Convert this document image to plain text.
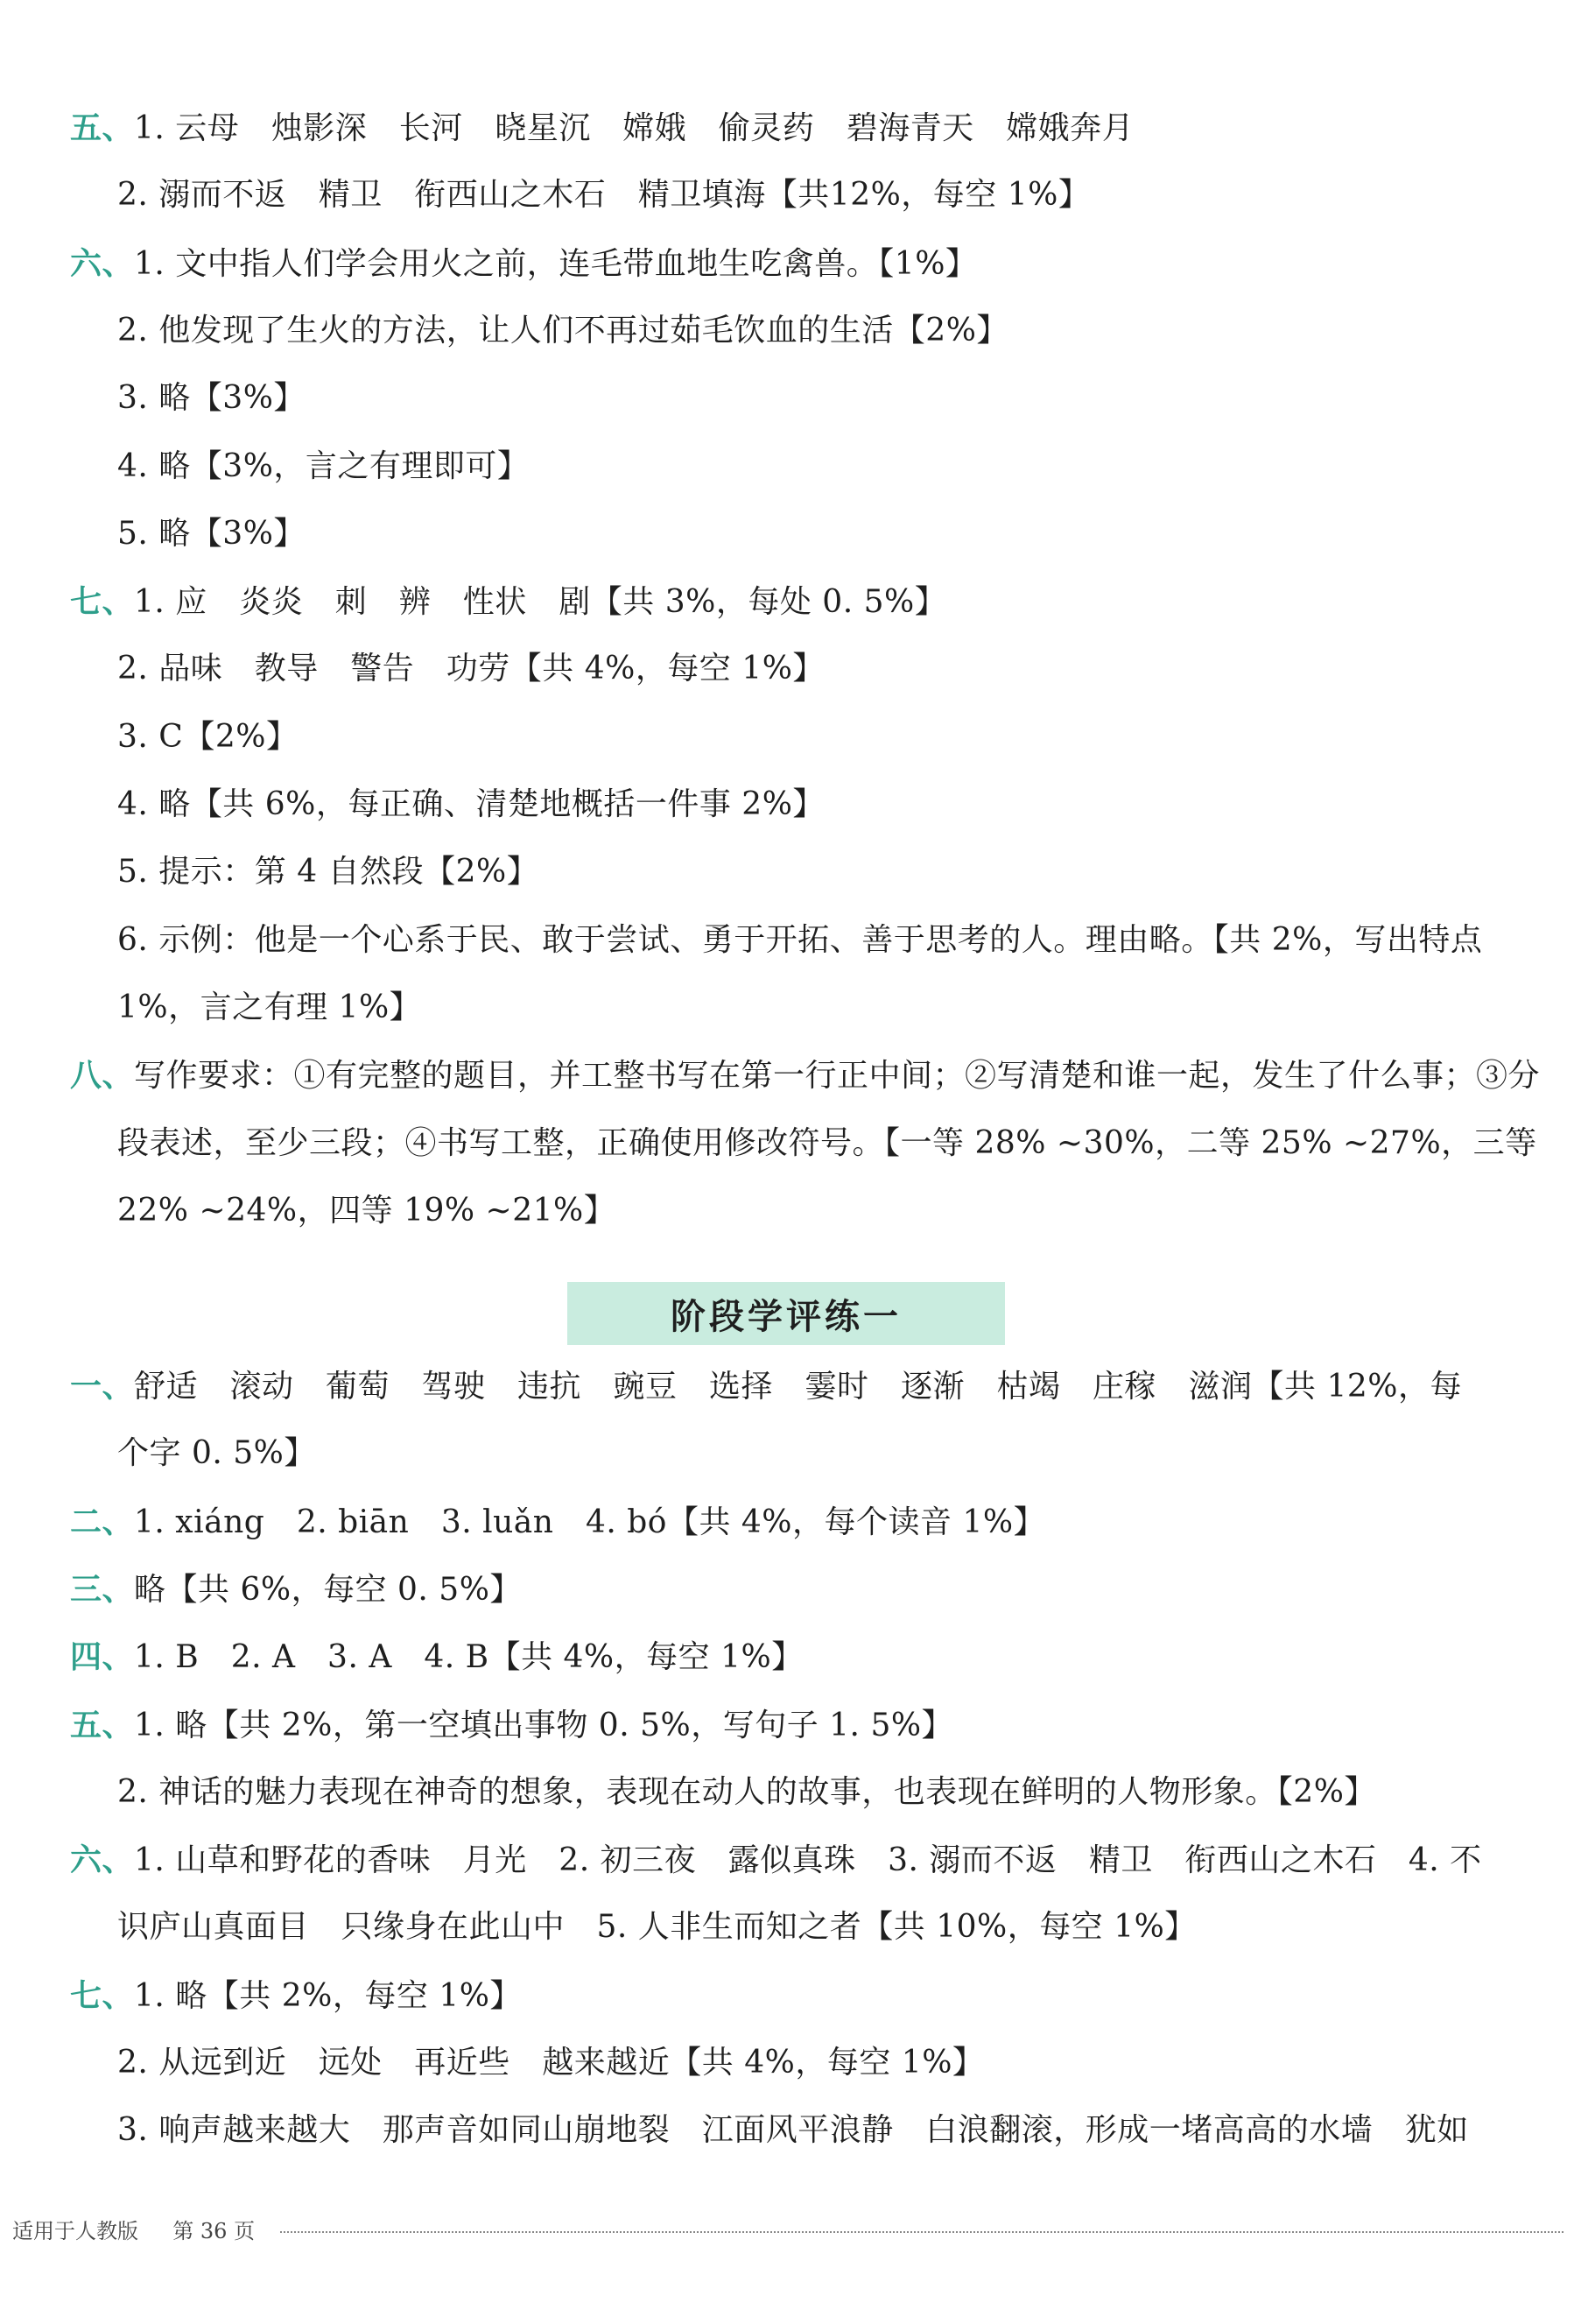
五、1. 云母　烛影深　长河　晓星沉　嫦娥　偷灵药　碧海青天　嫦娥奔月
2. 溺而不返　精卫　衔西山之木石　精卫填海【共12%，每空 1%】
六、1. 文中指人们学会用火之前，连毛带血地生吃禽兽。【1%】
2. 他发现了生火的方法，让人们不再过茹毛饮血的生活【2%】
3. 略【3%】
4. 略【3%，言之有理即可】
5. 略【3%】
七、1. 应　炎炎　刺　辨　性状　剧【共 3%，每处 0. 5%】
2. 品味　教导　警告　功劳【共 4%，每空 1%】
3. C【2%】
4. 略【共 6%，每正确、清楚地概括一件事 2%】
5. 提示：第 4 自然段【2%】
6. 示例：他是一个心系于民、敢于尝试、勇于开拓、善于思考的人。理由略。【共 2%，写出特点
1%，言之有理 1%】
八、写作要求：①有完整的题目，并工整书写在第一行正中间；②写清楚和谁一起，发生了什么事；③分
段表述，至少三段；④书写工整，正确使用修改符号。【一等 28% ~30%，二等 25% ~27%，三等
22% ~24%，四等 19% ~21%】
阶段学评练一
一、舒适　滚动　葡萄　驾驶　违抗　豌豆　选择　霎时　逐渐　枯竭　庄稼　滋润【共 12%，每
个字 0. 5%】
二、1. xiáng　2. biān　3. luǎn　4. bó【共 4%，每个读音 1%】
三、略【共 6%，每空 0. 5%】
四、1. B　2. A　3. A　4. B【共 4%，每空 1%】
五、1. 略【共 2%，第一空填出事物 0. 5%，写句子 1. 5%】
2. 神话的魅力表现在神奇的想象，表现在动人的故事，也表现在鲜明的人物形象。【2%】
六、1. 山草和野花的香味　月光　2. 初三夜　露似真珠　3. 溺而不返　精卫　衔西山之木石　4. 不
识庐山真面目　只缘身在此山中　5. 人非生而知之者【共 10%，每空 1%】
七、1. 略【共 2%，每空 1%】
2. 从远到近　远处　再近些　越来越近【共 4%，每空 1%】
3. 响声越来越大　那声音如同山崩地裂　江面风平浪静　白浪翻滚，形成一堵高高的水墙　犹如
适用于人教版 　 第 36 页
